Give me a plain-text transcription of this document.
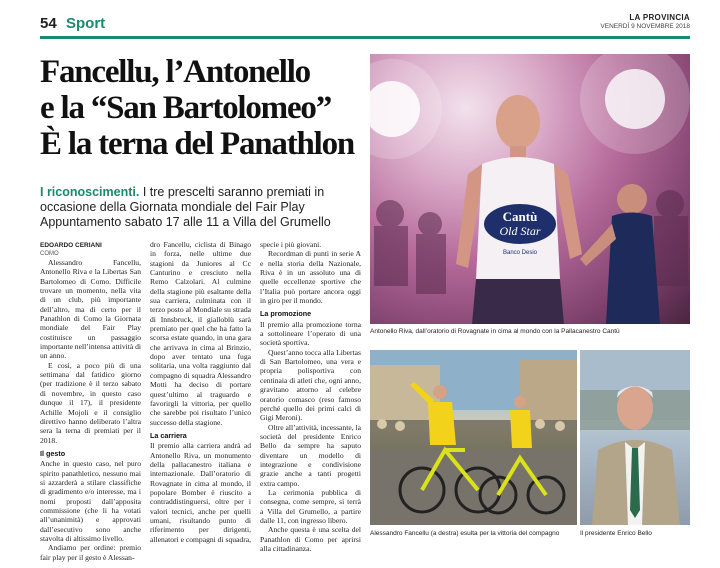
54 Sport	LA PROVINCIA
VENERDÌ 9 NOVEMBRE 2018
Fancellu, l’Antonello
e la “San Bartolomeo”
È la terna del Panathlon
I riconoscimenti. I tre prescelti saranno premiati in occasione della Giornata mondiale del Fair Play Appuntamento sabato 17 alle 11 a Villa del Grumello
EDOARDO CERIANI
COMO

Alessandro Fancellu, Antonello Riva e la Libertas San Bartolomeo di Como. Difficile trovare un momento, nella vita di un club, più importante dell’altro, ma di certo per il Panathlon di Como la Giornata mondiale del Fair Play costituisce un passaggio importante nell’intensa attività di un anno.

E così, a poco più di una settimana dal fatidico giorno (per tradizione è il terzo sabato di novembre, in questo caso dunque il 17), il presidente Achille Mojoli e il consiglio direttivo hanno deliberato l’altra sera la terna di premiati per il 2018.

Il gesto

Anche in questo caso, nel puro spirito panathletico, nessuno mai si azzarderà a stilare classifiche di gradimento e/o interesse, ma i nomi proposti dall’apposita commissione (che li ha votati all’unanimità) e approvati dall’esecutivo sono anche stavolta di altissimo livello.

Andiamo per ordine: premio fair play per il gesto è Alessan-

dro Fancellu, ciclista di Binago in forza, nelle ultime due stagioni da Juniores al Cc Canturino e cresciuto nella Remo Calzolari. Al culmine della stagione più esaltante della sua carriera, culminata con il terzo posto al Mondiale su strada di Innsbruck, il gialloblù sarà premiato per quel che ha fatto la scorsa estate quando, in una gara che arrivava in cima al Brinzio, dopo aver tentato una fuga solitaria, una volta raggiunto dal compagno di squadra Alessandro Motti ha deciso di portare quest’ultimo al traguardo e favorirgli la vittoria, per quello che sarebbe poi risultato l’unico successo della stagione.

La carriera

Il premio alla carriera andrà ad Antonello Riva, un monumento della pallacanestro italiana e internazionale. Dall’oratorio di Rovagnate in cima al mondo, il popolare Bomber è riuscito a contraddistinguersi, oltre per i valori tecnici, anche per quelli umani, risultando punto di riferimento per dirigenti, allenatori e compagni di squadra,

specie i più giovani.

Recordman di punti in serie A e nella storia della Nazionale, Riva è in un assoluto una di quelle eccellenze sportive che l’Italia può portare ancora oggi in giro per il mondo.

La promozione

Il premio alla promozione torna a sottolineare l’operato di una società sportiva.

Quest’anno tocca alla Libertas di San Bartolomeo, una vera e propria polisportiva con centinaia di atleti che, ogni anno, gravitano attorno al celebre oratorio comasco (reso famoso perché quello dei primi calci di Gigi Meroni).

Oltre all’attività, incessante, la società del presidente Enrico Bello da sempre ha saputo diventare un modello di integrazione e condivisione grazie anche a tanti progetti extra campo.

La cerimonia pubblica di consegna, come sempre, si terrà a Villa del Grumello, a partire dalle 11, con ingresso libero.

Anche questa è una scelta del Panathlon di Como per aprirsi alla cittadinanza.

Cantù
Old Star
Banco Desio
Antonello Riva, dall’oratorio di Rovagnate in cima al mondo con la Pallacanestro Cantù
Alessandro Fancellu (a destra) esulta per la vittoria del compagno	Il presidente Enrico Bello
